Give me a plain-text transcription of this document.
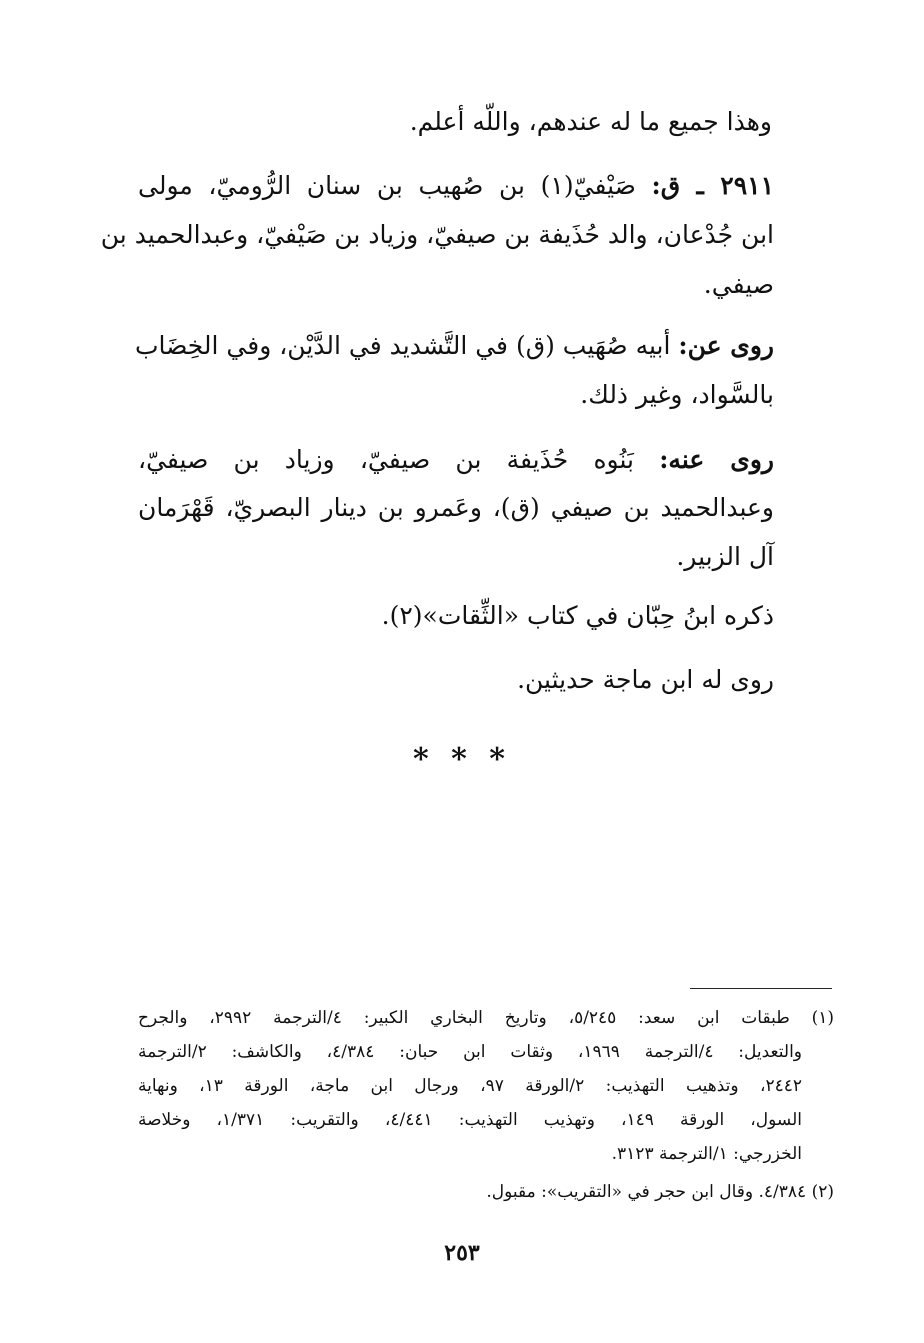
وهذا جميع ما له عندهم، واللّه أعلم.
٢٩١١ ـ ق: صَيْفيّ(١) بن صُهيب بن سنان الرُّوميّ، مولى
ابن جُدْعان، والد حُذَيفة بن صيفيّ، وزياد بن صَيْفيّ، وعبدالحميد بن
صيفي.
روى عن: أبيه صُهَيب (ق) في التَّشديد في الدَّيْن، وفي الخِضَاب
بالسَّواد، وغير ذلك.
روى عنه: بَنُوه حُذَيفة بن صيفيّ، وزياد بن صيفيّ،
وعبدالحميد بن صيفي (ق)، وعَمرو بن دينار البصريّ، قَهْرَمان
آل الزبير.
ذكره ابنُ حِبّان في كتاب «الثِّقات»(٢).
روى له ابن ماجة حديثين.
* * *
(١) طبقات ابن سعد: ٥/٢٤٥، وتاريخ البخاري الكبير: ٤/الترجمة ٢٩٩٢، والجرح
والتعديل: ٤/الترجمة ١٩٦٩، وثقات ابن حبان: ٤/٣٨٤، والكاشف: ٢/الترجمة
٢٤٤٢، وتذهيب التهذيب: ٢/الورقة ٩٧، ورجال ابن ماجة، الورقة ١٣، ونهاية
السول، الورقة ١٤٩، وتهذيب التهذيب: ٤/٤٤١، والتقريب: ١/٣٧١، وخلاصة
الخزرجي: ١/الترجمة ٣١٢٣.
(٢) ٤/٣٨٤. وقال ابن حجر في «التقريب»: مقبول.
٢٥٣
